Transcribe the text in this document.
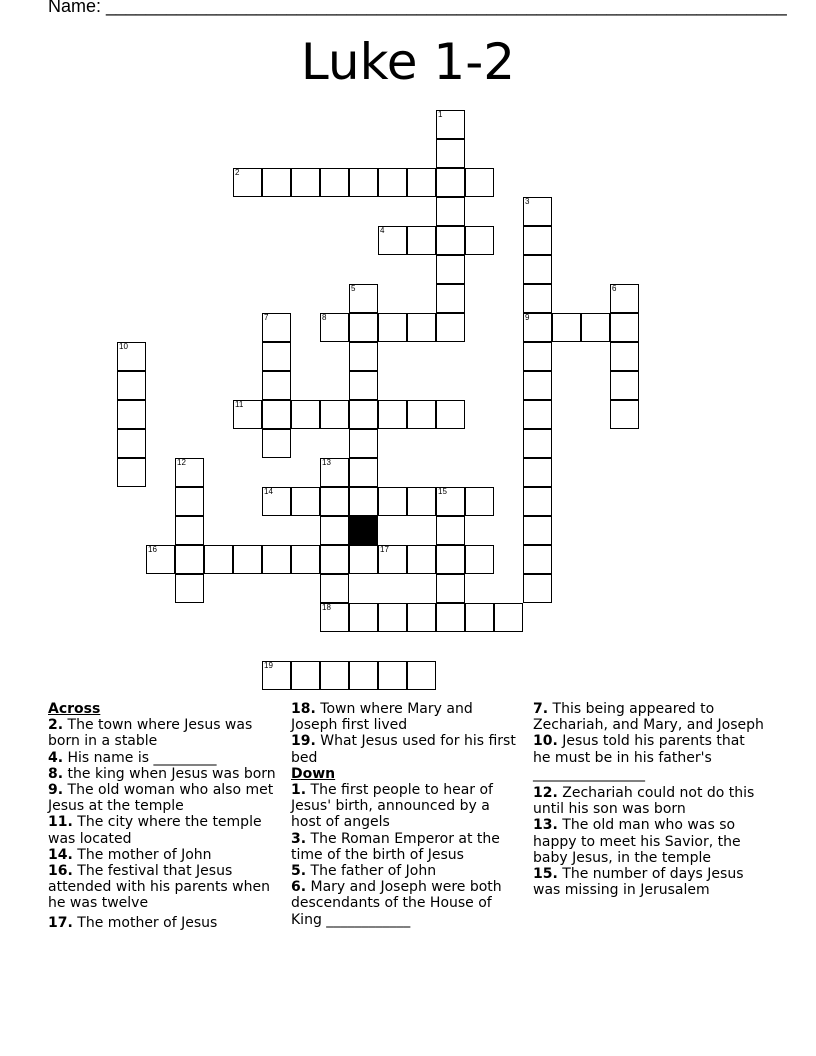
Name: ____________________________________________________________________
Luke 1-2
1
2
4
3
9
6
5
8
7
10
11
12	13
14	15
16	17
18
19
Across
2. The town where Jesus was born in a stable
4. His name is _________
8. the king when Jesus was born
9. The old woman who also met Jesus at the temple
11. The city where the temple was located
14. The mother of John
16. The festival that Jesus attended with his parents when he was twelve
17. The mother of Jesus
18. Town where Mary and Joseph first lived
19. What Jesus used for his first bed
Down
1. The first people to hear of Jesus' birth, announced by a host of angels
3. The Roman Emperor at the time of the birth of Jesus
5. The father of John
6. Mary and Joseph were both descendants of the House of King ____________
7. This being appeared to Zechariah, and Mary, and Joseph
10. Jesus told his parents that he must be in his father's ________________
12. Zechariah could not do this until his son was born
13. The old man who was so happy to meet his Savior, the baby Jesus, in the temple
15. The number of days Jesus was missing in Jerusalem
